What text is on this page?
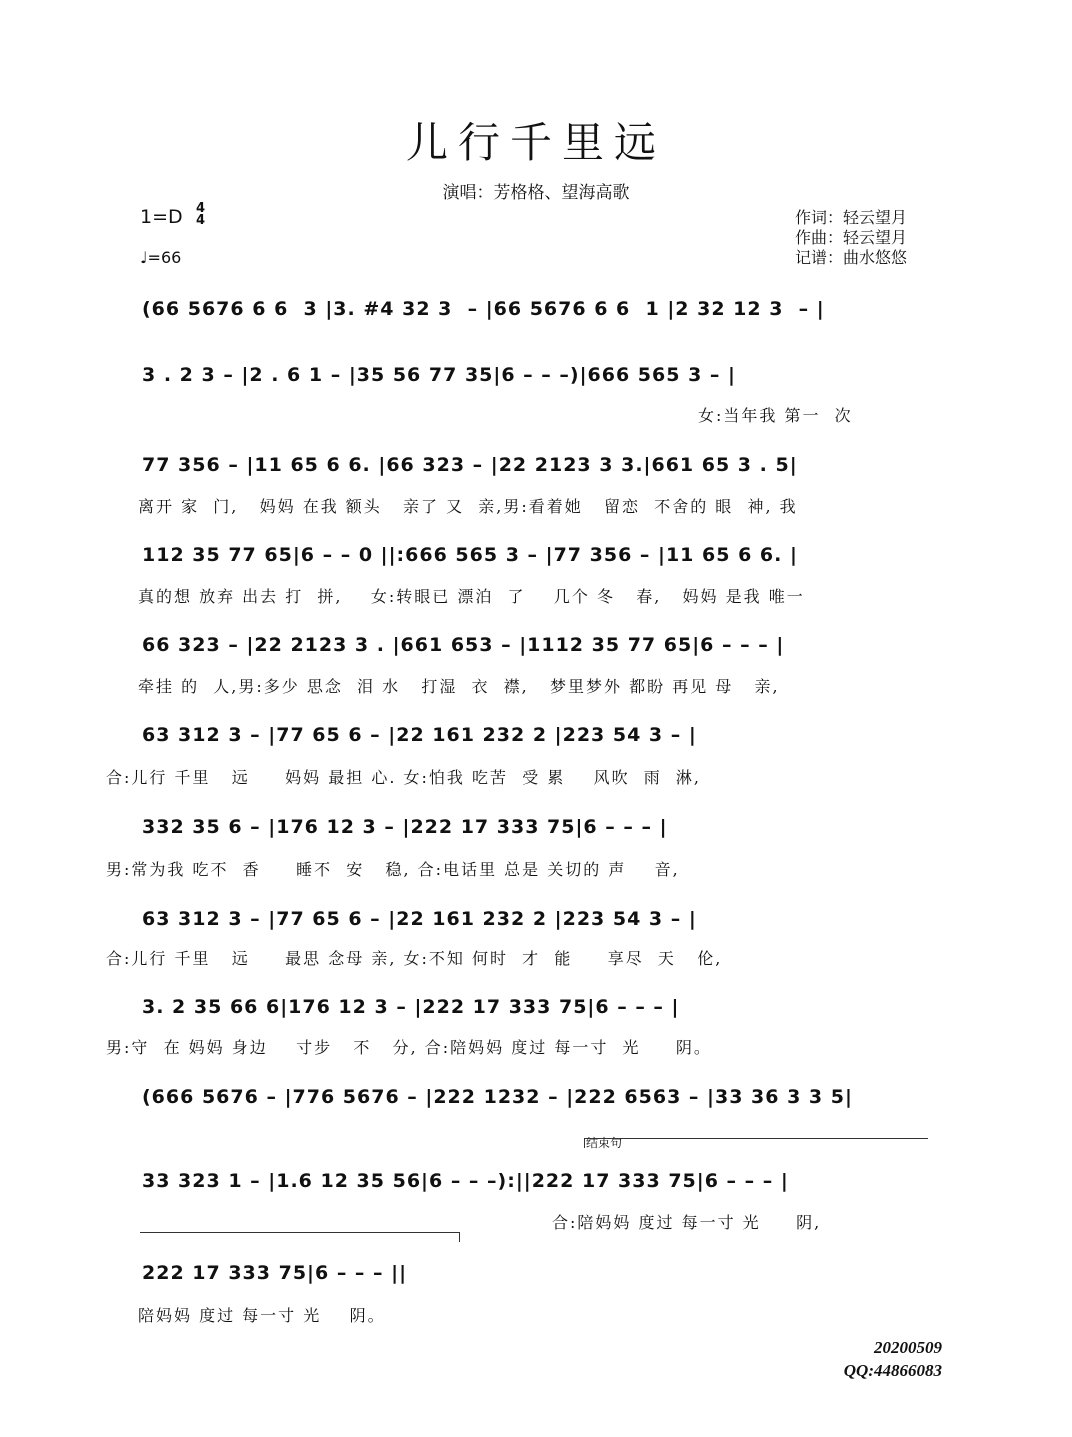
儿行千里远
演唱：芳格格、望海高歌
1=D 4
4
♩=66
作词：轻云望月
作曲：轻云望月
记谱：曲水悠悠
(66 5676 6 6  3 |3. #4 32 3  – |66 5676 6 6  1 |2 32 12 3  – |
3 . 2 3 – |2 . 6 1 – |35 56 77 35|6 – – –)|666 565 3 – |
女:当年我 第一  次
77 356 – |11 65 6 6. |66 323 – |22 2123 3 3.|661 65 3 . 5|
离开 家  门,   妈妈 在我 额头   亲了 又  亲,男:看着她   留恋  不舍的 眼  神, 我
112 35 77 65|6 – – 0 ||:666 565 3 – |77 356 – |11 65 6 6. |
真的想 放弃 出去 打  拼,    女:转眼已 漂泊  了    几个 冬   春,   妈妈 是我 唯一
66 323 – |22 2123 3 . |661 653 – |1112 35 77 65|6 – – – |
牵挂 的  人,男:多少 思念  泪 水   打湿  衣  襟,   梦里梦外 都盼 再见 母   亲,
63 312 3 – |77 65 6 – |22 161 232 2 |223 54 3 – |
合:儿行 千里   远     妈妈 最担 心. 女:怕我 吃苦  受 累    风吹  雨  淋,
332 35 6 – |176 12 3 – |222 17 333 75|6 – – – |
男:常为我 吃不  香     睡不  安   稳, 合:电话里 总是 关切的 声    音,
63 312 3 – |77 65 6 – |22 161 232 2 |223 54 3 – |
合:儿行 千里   远     最思 念母 亲, 女:不知 何时  才  能     享尽  天   伦,
3. 2 35 66 6|176 12 3 – |222 17 333 75|6 – – – |
男:守  在 妈妈 身边    寸步   不   分, 合:陪妈妈 度过 每一寸  光     阴。
(666 5676 – |776 5676 – |222 1232 – |222 6563 – |33 36 3 3 5|
结束句
33 323 1 – |1.6 12 35 56|6 – – –):||222 17 333 75|6 – – – |
合:陪妈妈 度过 每一寸 光     阴,
222 17 333 75|6 – – – ||
陪妈妈 度过 每一寸 光    阴。
20200509
QQ:44866083
